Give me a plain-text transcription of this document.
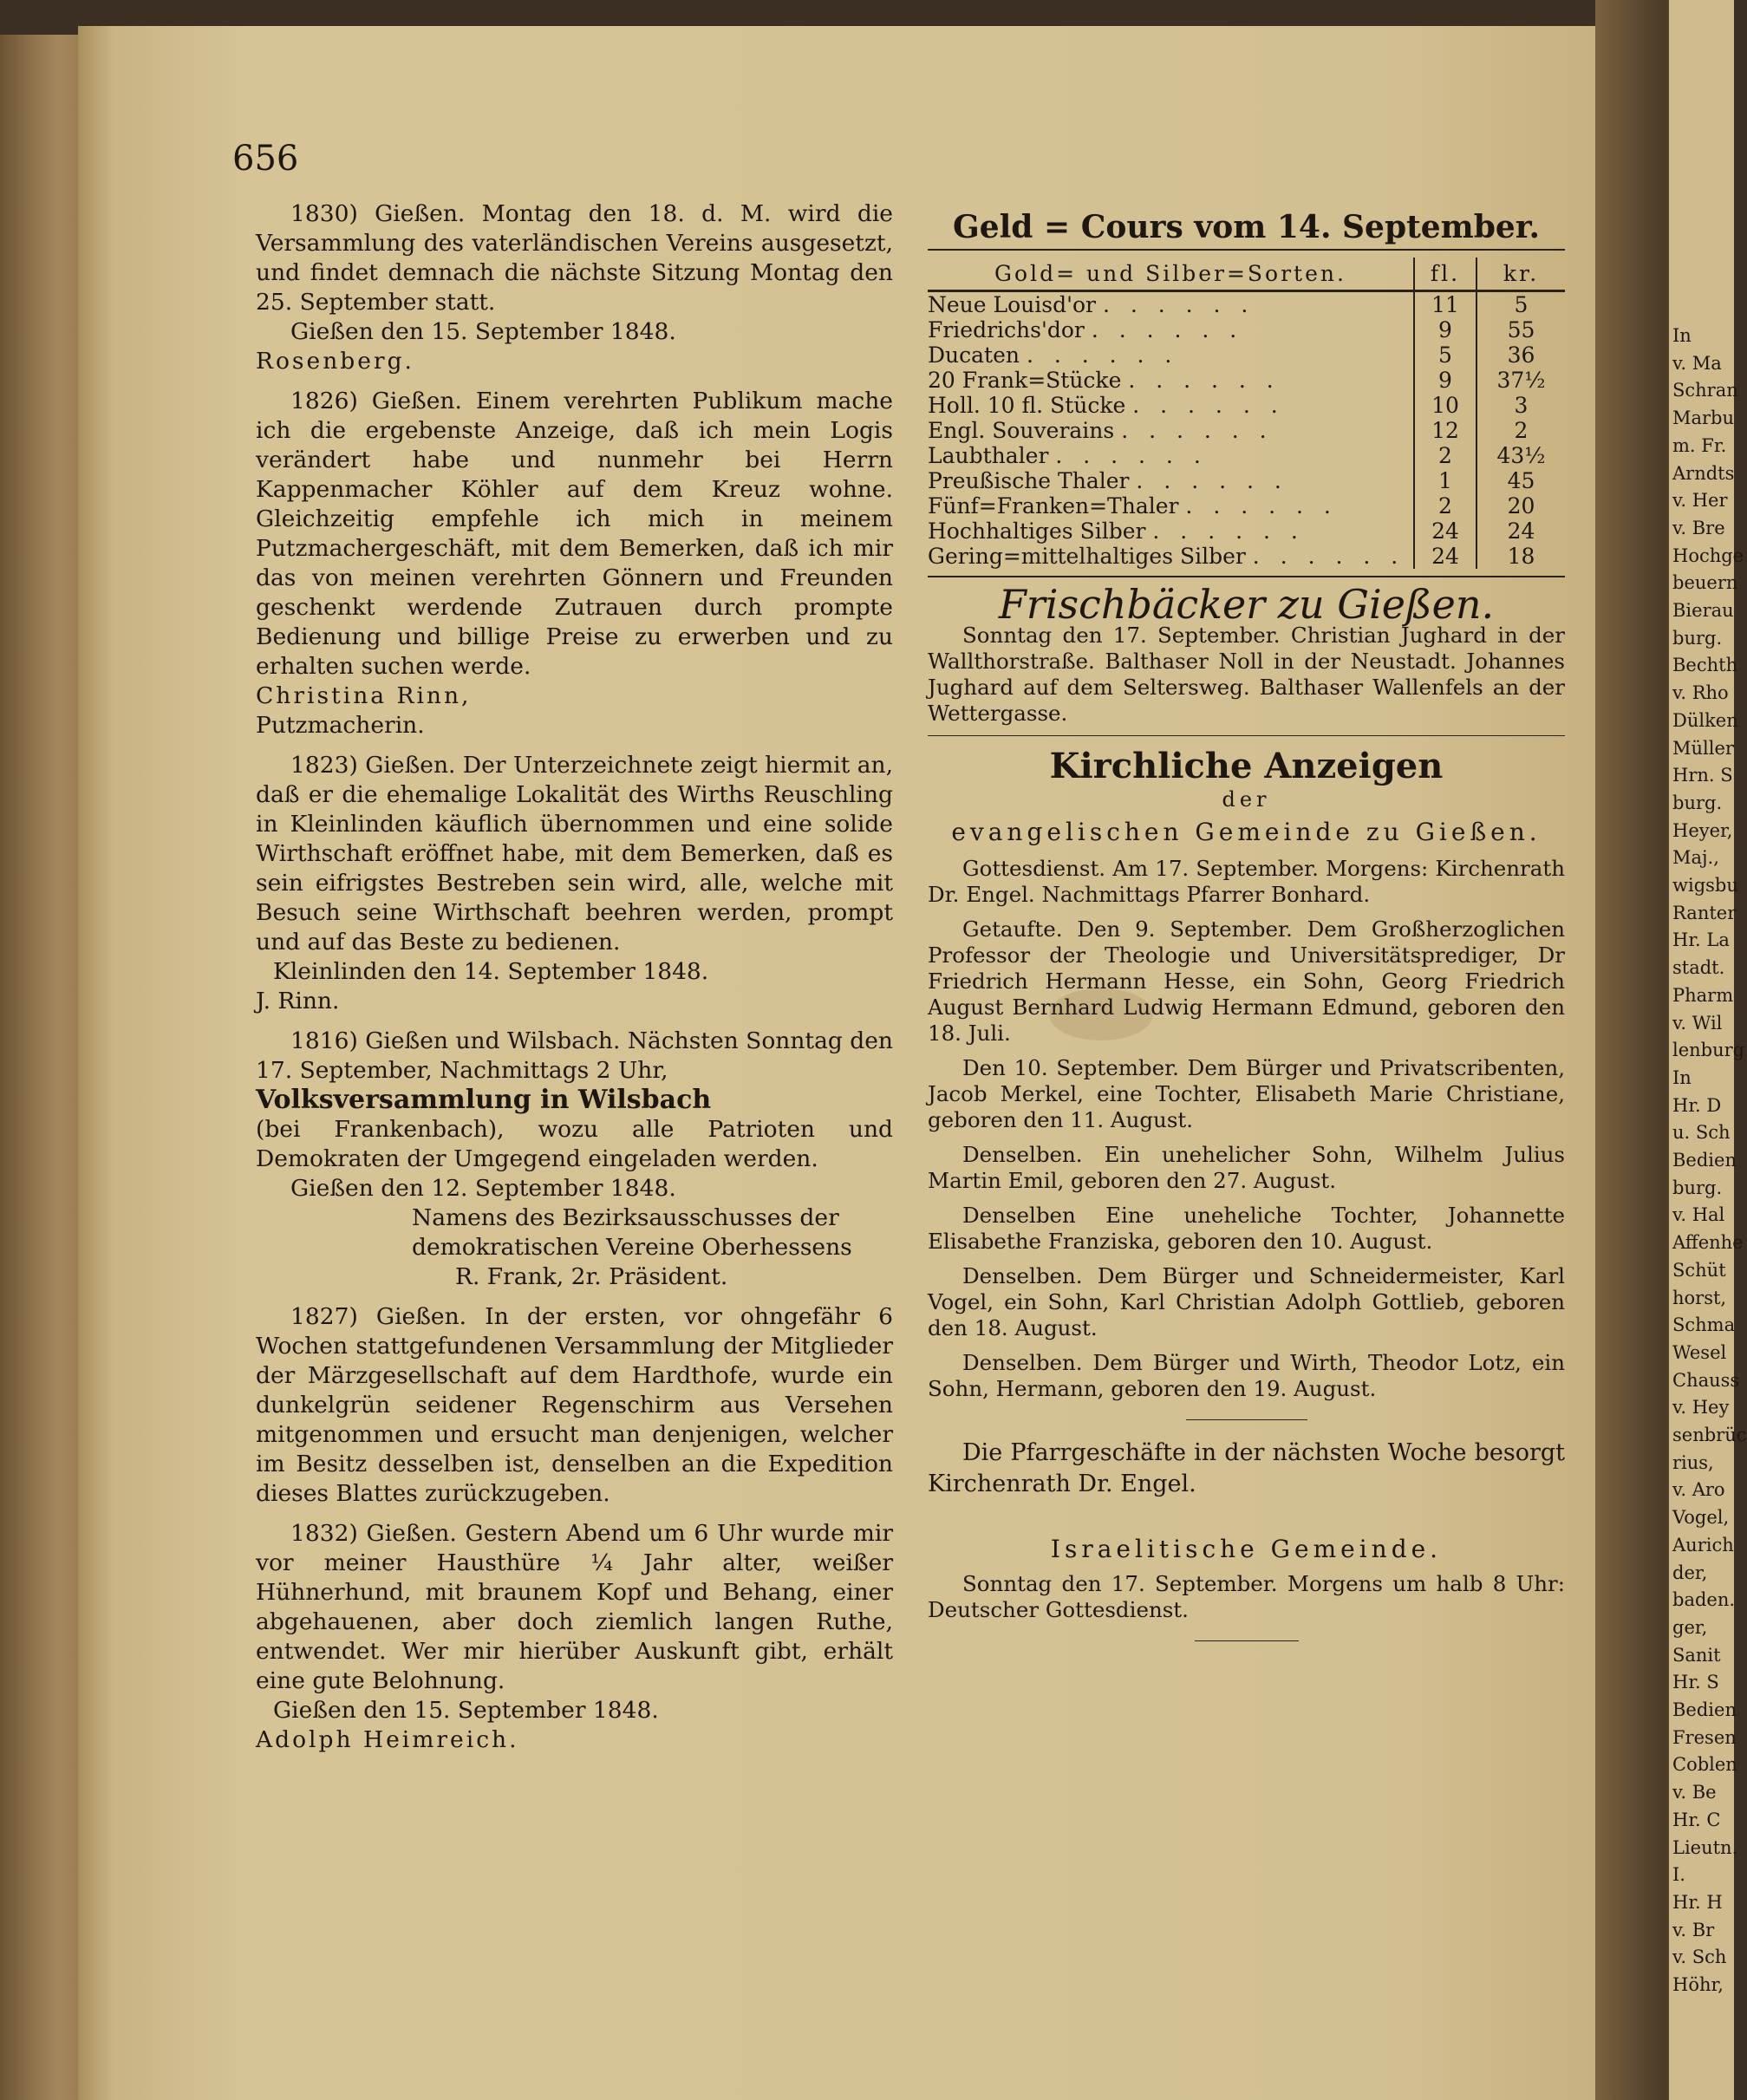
In
v. Ma
Schran
Marbu
m. Fr.
Arndts
v. Her
v. Bre
Hochge
beuern
Bierau
burg.
Bechth
v. Rho
Dülken
Müller
Hrn. S
burg.
Heyer,
Maj.,
wigsbu
Ranter
Hr. La
stadt.
Pharm
v. Wil
lenburg
In
Hr. D
u. Sch
Bedien
burg.
v. Hal
Affenhe
Schüt
horst,
Schma
Wesel
Chauss
v. Hey
senbrüc
rius,
v. Aro
Vogel,
Aurich
der,
baden.
ger,
Sanit
Hr. S
Bedien
Fresen
Coblen
v. Be
Hr. C
Lieutn.
I.
Hr. H
v. Br
v. Sch
Höhr,
656

1830) Gießen. Montag den 18. d. M. wird die Versammlung des vaterländischen Vereins ausgesetzt, und findet demnach die nächste Sitzung Montag den 25. September statt.

Gießen den 15. September 1848.

Rosenberg.

1826) Gießen. Einem verehrten Publikum mache ich die ergebenste Anzeige, daß ich mein Logis verändert habe und nunmehr bei Herrn Kappenmacher Köhler auf dem Kreuz wohne. Gleichzeitig empfehle ich mich in meinem Putzmachergeschäft, mit dem Bemerken, daß ich mir das von meinen verehrten Gönnern und Freunden geschenkt werdende Zutrauen durch prompte Bedienung und billige Preise zu erwerben und zu erhalten suchen werde.

Christina Rinn,

Putzmacherin.

1823) Gießen. Der Unterzeichnete zeigt hiermit an, daß er die ehemalige Lokalität des Wirths Reuschling in Kleinlinden käuflich übernommen und eine solide Wirthschaft eröffnet habe, mit dem Bemerken, daß es sein eifrigstes Bestreben sein wird, alle, welche mit Besuch seine Wirthschaft beehren werden, prompt und auf das Beste zu bedienen.

Kleinlinden den 14. September 1848.

J. Rinn.

1816) Gießen und Wilsbach. Nächsten Sonntag den 17. September, Nachmittags 2 Uhr,

Volksversammlung in Wilsbach

(bei Frankenbach), wozu alle Patrioten und Demokraten der Umgegend eingeladen werden.

Gießen den 12. September 1848.

Namens des Bezirksausschusses der

demokratischen Vereine Oberhessens

R. Frank, 2r. Präsident.

1827) Gießen. In der ersten, vor ohngefähr 6 Wochen stattgefundenen Versammlung der Mitglieder der Märzgesellschaft auf dem Hardthofe, wurde ein dunkelgrün seidener Regenschirm aus Versehen mitgenommen und ersucht man denjenigen, welcher im Besitz desselben ist, denselben an die Expedition dieses Blattes zurückzugeben.

1832) Gießen. Gestern Abend um 6 Uhr wurde mir vor meiner Hausthüre ¼ Jahr alter, weißer Hühnerhund, mit braunem Kopf und Behang, einer abgehauenen, aber doch ziemlich langen Ruthe, entwendet. Wer mir hierüber Auskunft gibt, erhält eine gute Belohnung.

Gießen den 15. September 1848.

Adolph Heimreich.

Geld = Cours vom 14. September.

Gold= und Silber=Sorten.	fl.	kr.
Neue Louisd'or . . . . . .	11	5
Friedrichs'dor . . . . . .	9	55
Ducaten . . . . . .	5	36
20 Frank=Stücke . . . . . .	9	37½
Holl. 10 fl. Stücke . . . . . .	10	3
Engl. Souverains . . . . . .	12	2
Laubthaler . . . . . .	2	43½
Preußische Thaler . . . . . .	1	45
Fünf=Franken=Thaler . . . . . .	2	20
Hochhaltiges Silber . . . . . .	24	24
Gering=mittelhaltiges Silber . . . . . .	24	18

Frischbäcker zu Gießen.

Sonntag den 17. September. Christian Jughard in der Wallthorstraße. Balthaser Noll in der Neustadt. Johannes Jughard auf dem Seltersweg. Balthaser Wallenfels an der Wettergasse.

Kirchliche Anzeigen

der

evangelischen Gemeinde zu Gießen.

Gottesdienst. Am 17. September. Morgens: Kirchenrath Dr. Engel. Nachmittags Pfarrer Bonhard.

Getaufte. Den 9. September. Dem Großherzoglichen Professor der Theologie und Universitätsprediger, Dr Friedrich Hermann Hesse, ein Sohn, Georg Friedrich August Bernhard Ludwig Hermann Edmund, geboren den 18. Juli.

Den 10. September. Dem Bürger und Privatscribenten, Jacob Merkel, eine Tochter, Elisabeth Marie Christiane, geboren den 11. August.

Denselben. Ein unehelicher Sohn, Wilhelm Julius Martin Emil, geboren den 27. August.

Denselben Eine uneheliche Tochter, Johannette Elisabethe Franziska, geboren den 10. August.

Denselben. Dem Bürger und Schneidermeister, Karl Vogel, ein Sohn, Karl Christian Adolph Gottlieb, geboren den 18. August.

Denselben. Dem Bürger und Wirth, Theodor Lotz, ein Sohn, Hermann, geboren den 19. August.

Die Pfarrgeschäfte in der nächsten Woche besorgt Kirchenrath Dr. Engel.

Israelitische Gemeinde.

Sonntag den 17. September. Morgens um halb 8 Uhr: Deutscher Gottesdienst.
